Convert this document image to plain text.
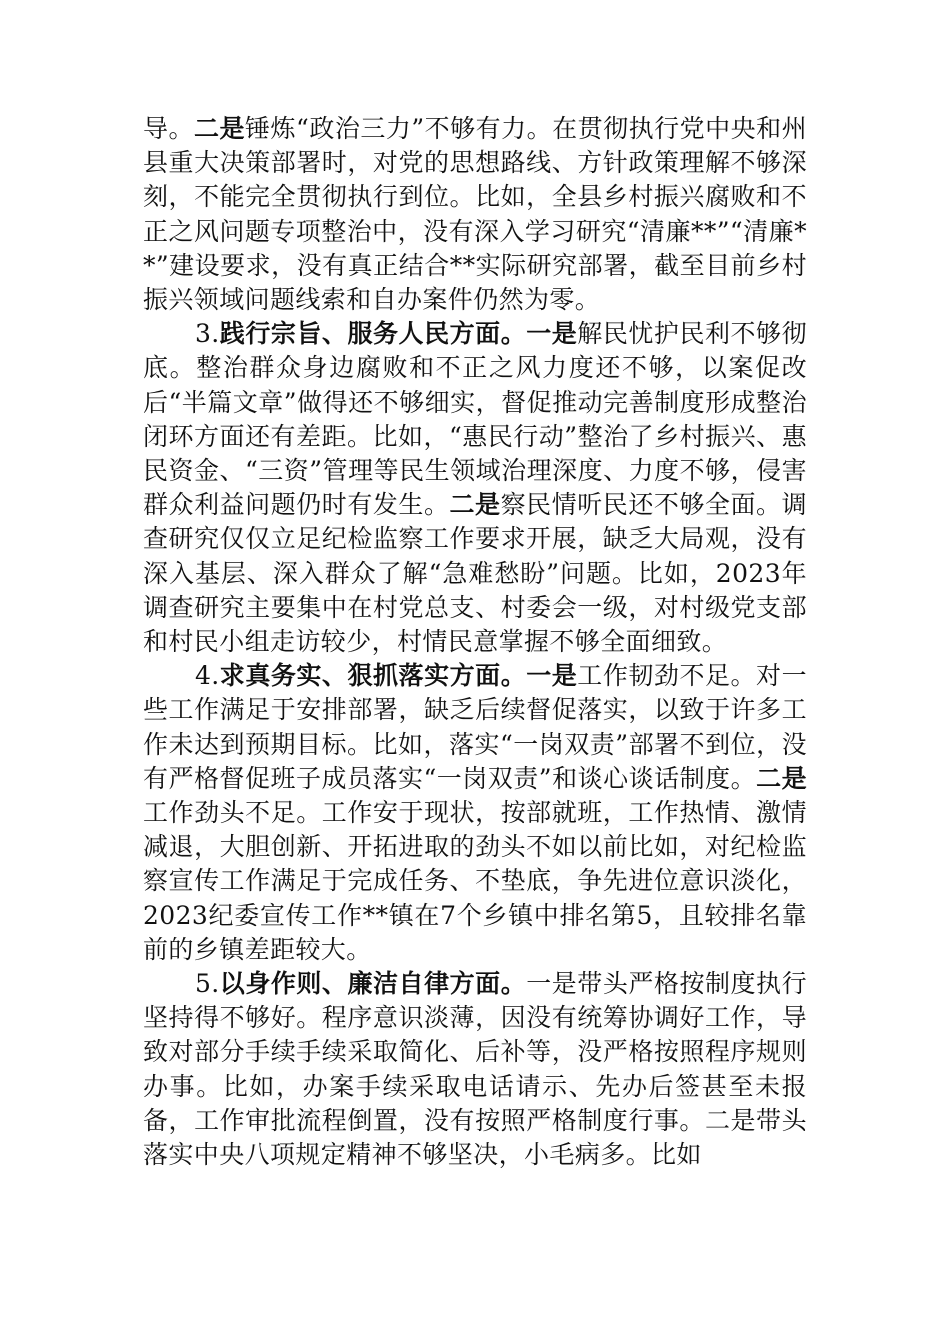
导。二是锤炼“政治三力”不够有力。在贯彻执行党中央和州县重大决策部署时，对党的思想路线、方针政策理解不够深刻，不能完全贯彻执行到位。比如，全县乡村振兴腐败和不正之风问题专项整治中，没有深入学习研究“清廉**”“清廉**”建设要求，没有真正结合**实际研究部署，截至目前乡村振兴领域问题线索和自办案件仍然为零。

3.践行宗旨、服务人民方面。一是解民忧护民利不够彻底。整治群众身边腐败和不正之风力度还不够，以案促改后“半篇文章”做得还不够细实，督促推动完善制度形成整治闭环方面还有差距。比如，“惠民行动”整治了乡村振兴、惠民资金、“三资”管理等民生领域治理深度、力度不够，侵害群众利益问题仍时有发生。二是察民情听民还不够全面。调查研究仅仅立足纪检监察工作要求开展，缺乏大局观，没有深入基层、深入群众了解“急难愁盼”问题。比如，2023年调查研究主要集中在村党总支、村委会一级，对村级党支部和村民小组走访较少，村情民意掌握不够全面细致。

4.求真务实、狠抓落实方面。一是工作韧劲不足。对一些工作满足于安排部署，缺乏后续督促落实，以致于许多工作未达到预期目标。比如，落实“一岗双责”部署不到位，没有严格督促班子成员落实“一岗双责”和谈心谈话制度。二是工作劲头不足。工作安于现状，按部就班，工作热情、激情减退，大胆创新、开拓进取的劲头不如以前比如，对纪检监察宣传工作满足于完成任务、不垫底，争先进位意识淡化，2023纪委宣传工作**镇在7个乡镇中排名第5，且较排名靠前的乡镇差距较大。

5.以身作则、廉洁自律方面。一是带头严格按制度执行坚持得不够好。程序意识淡薄，因没有统筹协调好工作，导致对部分手续手续采取简化、后补等，没严格按照程序规则办事。比如，办案手续采取电话请示、先办后签甚至未报备，工作审批流程倒置，没有按照严格制度行事。二是带头落实中央八项规定精神不够坚决，小毛病多。比如
